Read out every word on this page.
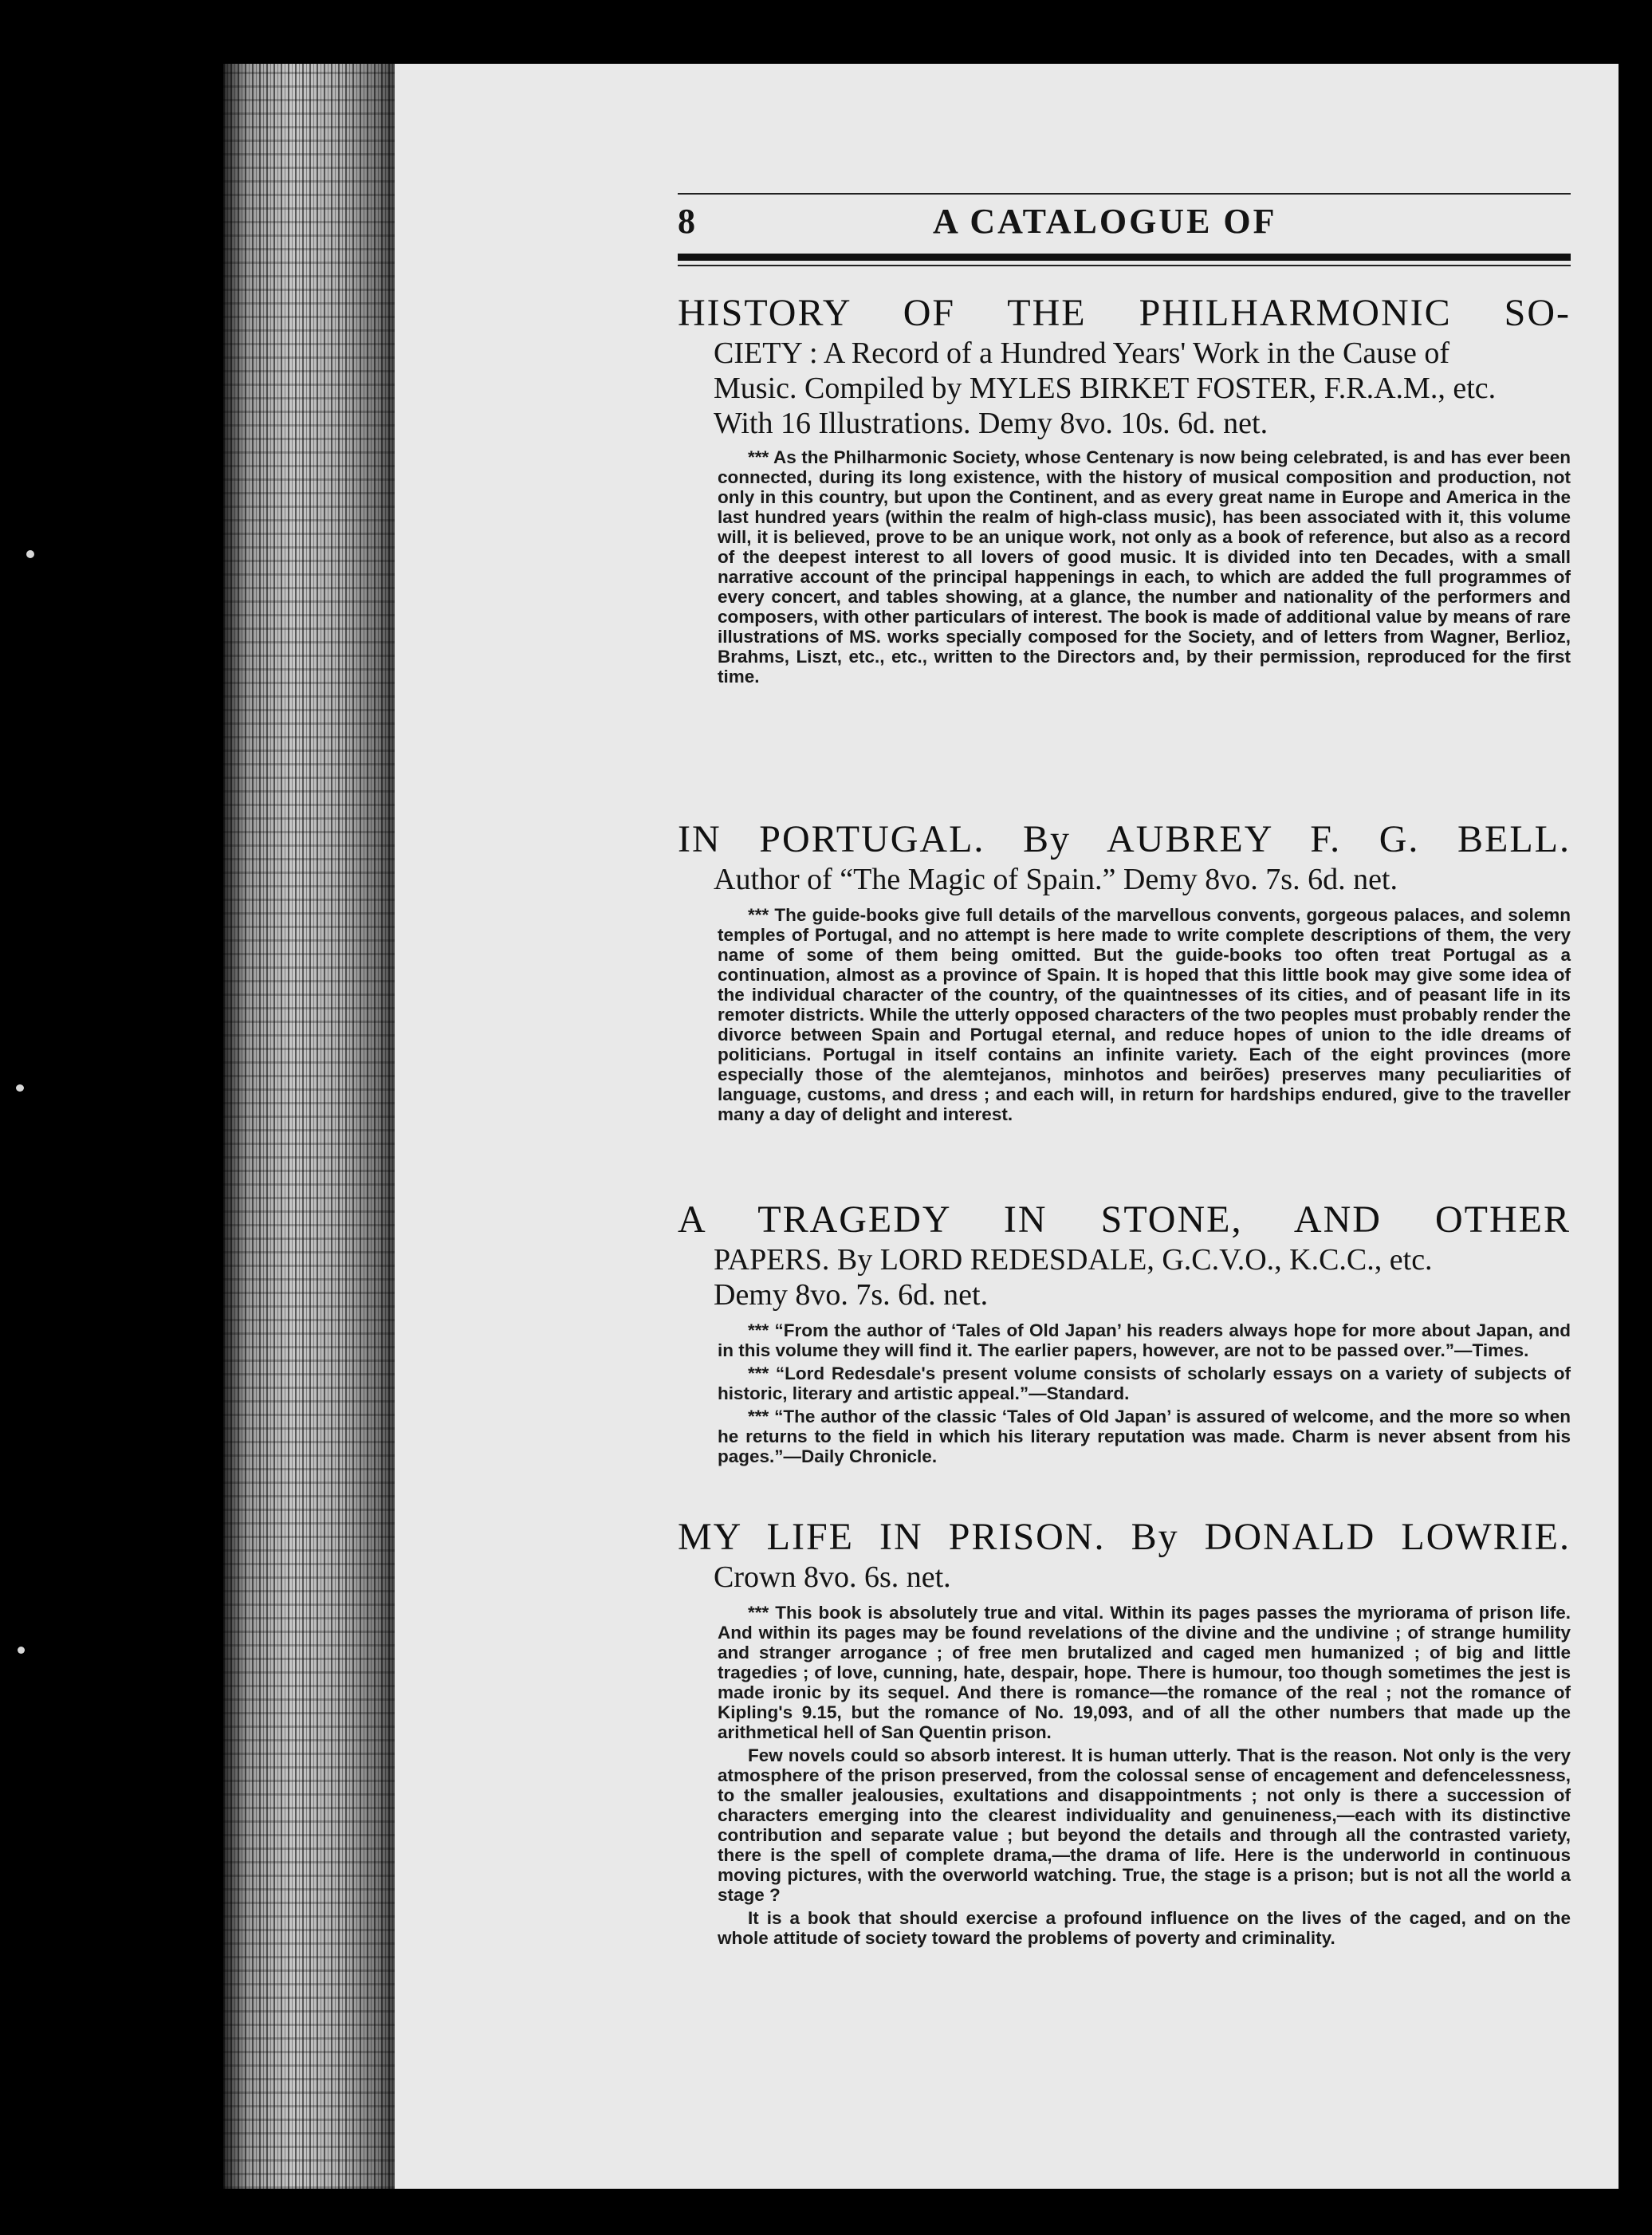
8	A CATALOGUE OF
HISTORY OF THE PHILHARMONIC SO-
CIETY : A Record of a Hundred Years' Work in the Cause of
Music. Compiled by MYLES BIRKET FOSTER, F.R.A.M., etc.
With 16 Illustrations. Demy 8vo. 10s. 6d. net.

*** As the Philharmonic Society, whose Centenary is now being celebrated, is and has ever been connected, during its long existence, with the history of musical composition and production, not only in this country, but upon the Continent, and as every great name in Europe and America in the last hundred years (within the realm of high-class music), has been associated with it, this volume will, it is believed, prove to be an unique work, not only as a book of reference, but also as a record of the deepest interest to all lovers of good music. It is divided into ten Decades, with a small narrative account of the principal happenings in each, to which are added the full programmes of every concert, and tables showing, at a glance, the number and nationality of the performers and composers, with other particulars of interest. The book is made of additional value by means of rare illustrations of MS. works specially composed for the Society, and of letters from Wagner, Berlioz, Brahms, Liszt, etc., etc., written to the Directors and, by their permission, reproduced for the first time.

IN PORTUGAL. By AUBREY F. G. BELL.
Author of “The Magic of Spain.” Demy 8vo. 7s. 6d. net.

*** The guide-books give full details of the marvellous convents, gorgeous palaces, and solemn temples of Portugal, and no attempt is here made to write complete descriptions of them, the very name of some of them being omitted. But the guide-books too often treat Portugal as a continuation, almost as a province of Spain. It is hoped that this little book may give some idea of the individual character of the country, of the quaintnesses of its cities, and of peasant life in its remoter districts. While the utterly opposed characters of the two peoples must probably render the divorce between Spain and Portugal eternal, and reduce hopes of union to the idle dreams of politicians. Portugal in itself contains an infinite variety. Each of the eight provinces (more especially those of the alemtejanos, minhotos and beirões) preserves many peculiarities of language, customs, and dress ; and each will, in return for hardships endured, give to the traveller many a day of delight and interest.

A TRAGEDY IN STONE, AND OTHER
PAPERS. By LORD REDESDALE, G.C.V.O., K.C.C., etc.
Demy 8vo. 7s. 6d. net.

*** “From the author of ‘Tales of Old Japan’ his readers always hope for more about Japan, and in this volume they will find it. The earlier papers, however, are not to be passed over.”—Times.

*** “Lord Redesdale's present volume consists of scholarly essays on a variety of subjects of historic, literary and artistic appeal.”—Standard.

*** “The author of the classic ‘Tales of Old Japan’ is assured of welcome, and the more so when he returns to the field in which his literary reputation was made. Charm is never absent from his pages.”—Daily Chronicle.

MY LIFE IN PRISON. By DONALD LOWRIE.
Crown 8vo. 6s. net.

*** This book is absolutely true and vital. Within its pages passes the myriorama of prison life. And within its pages may be found revelations of the divine and the undivine ; of strange humility and stranger arrogance ; of free men brutalized and caged men humanized ; of big and little tragedies ; of love, cunning, hate, despair, hope. There is humour, too though sometimes the jest is made ironic by its sequel. And there is romance—the romance of the real ; not the romance of Kipling's 9.15, but the romance of No. 19,093, and of all the other numbers that made up the arithmetical hell of San Quentin prison.

Few novels could so absorb interest. It is human utterly. That is the reason. Not only is the very atmosphere of the prison preserved, from the colossal sense of encagement and defencelessness, to the smaller jealousies, exultations and disappointments ; not only is there a succession of characters emerging into the clearest individuality and genuineness,—each with its distinctive contribution and separate value ; but beyond the details and through all the contrasted variety, there is the spell of complete drama,—the drama of life. Here is the underworld in continuous moving pictures, with the overworld watching. True, the stage is a prison; but is not all the world a stage ?

It is a book that should exercise a profound influence on the lives of the caged, and on the whole attitude of society toward the problems of poverty and criminality.
